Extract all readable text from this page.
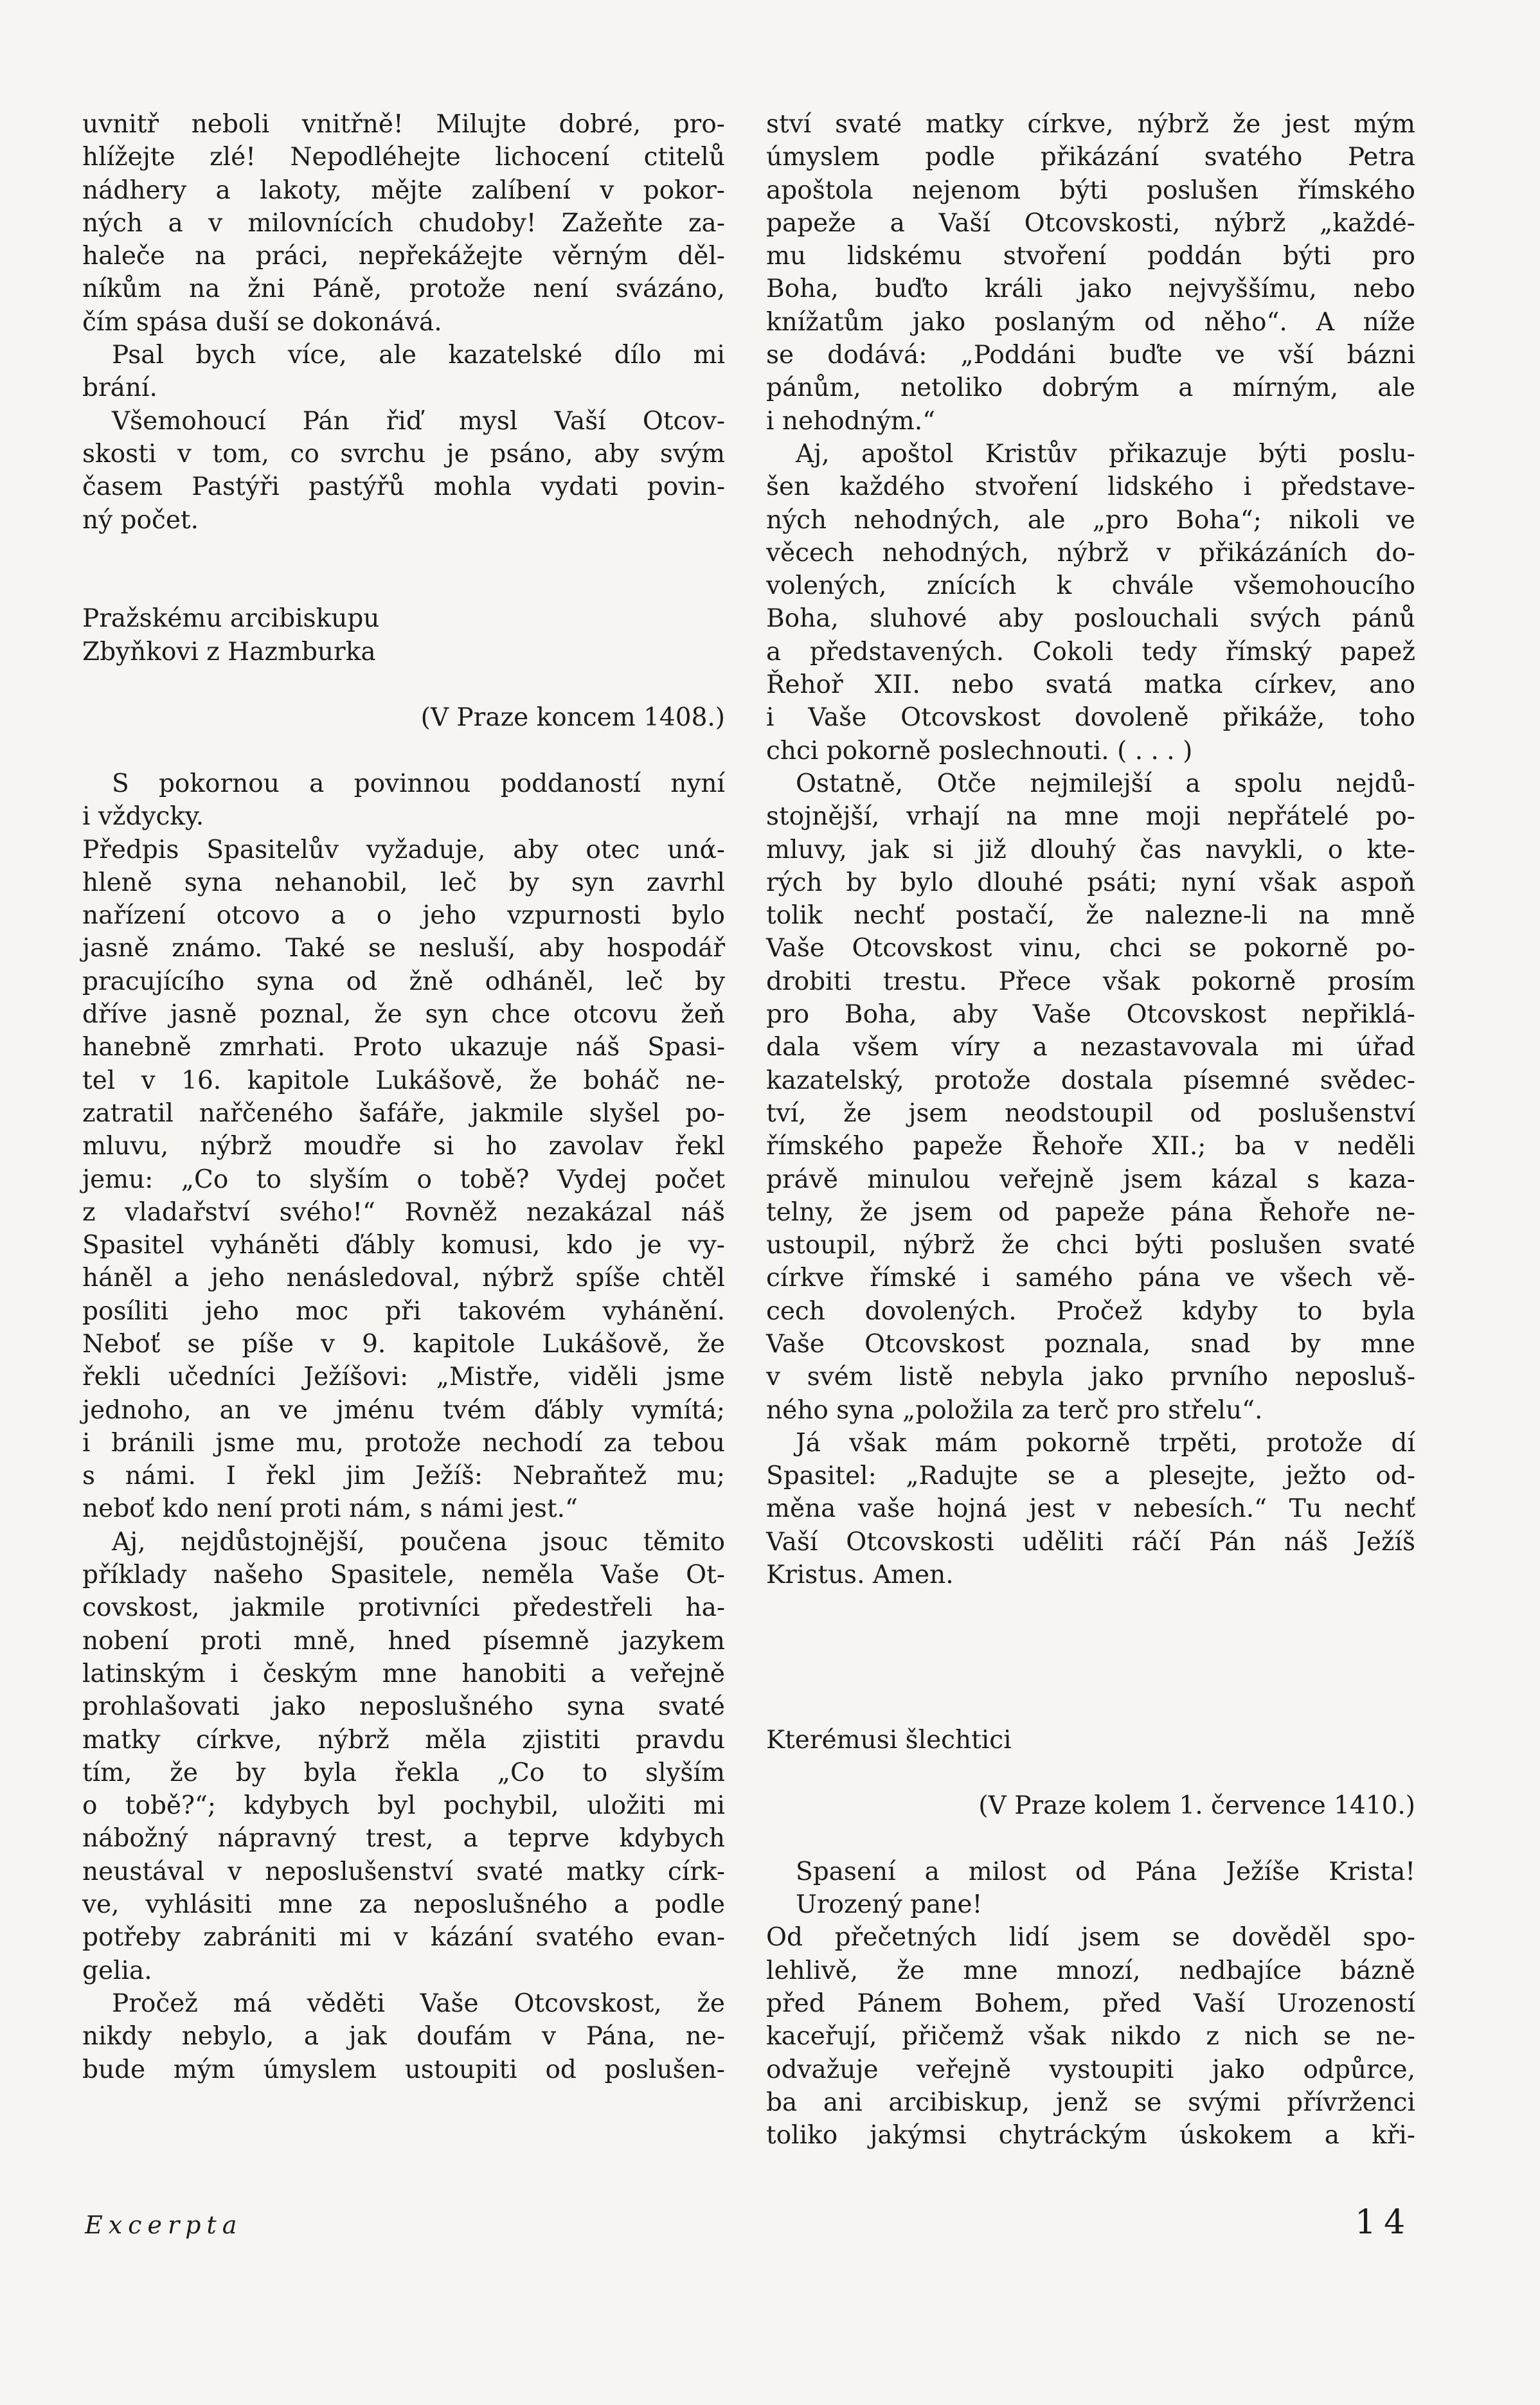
uvnitř neboli vnitřně! Milujte dobré, pro-
hlížejte zlé! Nepodléhejte lichocení ctitelů
nádhery a lakoty, mějte zalíbení v pokor-
ných a v milovnících chudoby! Zažeňte za-
haleče na práci, nepřekážejte věrným děl-
níkům na žni Páně, protože není svázáno,
čím spása duší se dokonává.
Psal bych více, ale kazatelské dílo mi
brání.
Všemohoucí Pán řiď mysl Vaší Otcov-
skosti v tom, co svrchu je psáno, aby svým
časem Pastýři pastýřů mohla vydati povin-
ný počet.
Pražskému arcibiskupu
Zbyňkovi z Hazmburka
(V Praze koncem 1408.)
S pokornou a povinnou poddaností nyní
i vždycky.
Předpis Spasitelův vyžaduje, aby otec unά-
hleně syna nehanobil, leč by syn zavrhl
nařízení otcovo a o jeho vzpurnosti bylo
jasně známo. Také se nesluší, aby hospodář
pracujícího syna od žně odháněl, leč by
dříve jasně poznal, že syn chce otcovu žeň
hanebně zmrhati. Proto ukazuje náš Spasi-
tel v 16. kapitole Lukášově, že boháč ne-
zatratil nařčeného šafáře, jakmile slyšel po-
mluvu, nýbrž moudře si ho zavolav řekl
jemu: „Co to slyším o tobě? Vydej počet
z vladařství svého!“ Rovněž nezakázal náš
Spasitel vyháněti ďábly komusi, kdo je vy-
háněl a jeho nenásledoval, nýbrž spíše chtěl
posíliti jeho moc při takovém vyhánění.
Neboť se píše v 9. kapitole Lukášově, že
řekli učedníci Ježíšovi: „Mistře, viděli jsme
jednoho, an ve jménu tvém ďábly vymítá;
i bránili jsme mu, protože nechodí za tebou
s námi. I řekl jim Ježíš: Nebraňtež mu;
neboť kdo není proti nám, s námi jest.“
Aj, nejdůstojnější, poučena jsouc těmito
příklady našeho Spasitele, neměla Vaše Ot-
covskost, jakmile protivníci předestřeli ha-
nobení proti mně, hned písemně jazykem
latinským i českým mne hanobiti a veřejně
prohlašovati jako neposlušného syna svaté
matky církve, nýbrž měla zjistiti pravdu
tím, že by byla řekla „Co to slyším
o tobě?“; kdybych byl pochybil, uložiti mi
nábožný nápravný trest, a teprve kdybych
neustával v neposlušenství svaté matky círk-
ve, vyhlásiti mne za neposlušného a podle
potřeby zabrániti mi v kázání svatého evan-
gelia.
Pročež má věděti Vaše Otcovskost, že
nikdy nebylo, a jak doufám v Pána, ne-
bude mým úmyslem ustoupiti od poslušen-
ství svaté matky církve, nýbrž že jest mým
úmyslem podle přikázání svatého Petra
apoštola nejenom býti poslušen římského
papeže a Vaší Otcovskosti, nýbrž „každé-
mu lidskému stvoření poddán býti pro
Boha, buďto králi jako nejvyššímu, nebo
knížatům jako poslaným od něho“. A níže
se dodává: „Poddáni buďte ve vší bázni
pánům, netoliko dobrým a mírným, ale
i nehodným.“
Aj, apoštol Kristův přikazuje býti poslu-
šen každého stvoření lidského i představe-
ných nehodných, ale „pro Boha“; nikoli ve
věcech nehodných, nýbrž v přikázáních do-
volených, znících k chvále všemohoucího
Boha, sluhové aby poslouchali svých pánů
a představených. Cokoli tedy římský papež
Řehoř XII. nebo svatá matka církev, ano
i Vaše Otcovskost dovoleně přikáže, toho
chci pokorně poslechnouti. ( . . . )
Ostatně, Otče nejmilejší a spolu nejdů-
stojnější, vrhají na mne moji nepřátelé po-
mluvy, jak si již dlouhý čas navykli, o kte-
rých by bylo dlouhé psáti; nyní však aspoň
tolik nechť postačí, že nalezne-li na mně
Vaše Otcovskost vinu, chci se pokorně po-
drobiti trestu. Přece však pokorně prosím
pro Boha, aby Vaše Otcovskost nepřiklá-
dala všem víry a nezastavovala mi úřad
kazatelský, protože dostala písemné svědec-
tví, že jsem neodstoupil od poslušenství
římského papeže Řehoře XII.; ba v neděli
právě minulou veřejně jsem kázal s kaza-
telny, že jsem od papeže pána Řehoře ne-
ustoupil, nýbrž že chci býti poslušen svaté
církve římské i samého pána ve všech vě-
cech dovolených. Pročež kdyby to byla
Vaše Otcovskost poznala, snad by mne
v svém listě nebyla jako prvního neposluš-
ného syna „položila za terč pro střelu“.
Já však mám pokorně trpěti, protože dí
Spasitel: „Radujte se a plesejte, ježto od-
měna vaše hojná jest v nebesích.“ Tu nechť
Vaší Otcovskosti uděliti ráčí Pán náš Ježíš
Kristus. Amen.
Kterémusi šlechtici
(V Praze kolem 1. července 1410.)
Spasení a milost od Pána Ježíše Krista!
Urozený pane!
Od přečetných lidí jsem se dověděl spo-
lehlivě, že mne mnozí, nedbajíce bázně
před Pánem Bohem, před Vaší Urozeností
kaceřují, přičemž však nikdo z nich se ne-
odvažuje veřejně vystoupiti jako odpůrce,
ba ani arcibiskup, jenž se svými přívrženci
toliko jakýmsi chytráckým úskokem a kři-
Excerpta	14
